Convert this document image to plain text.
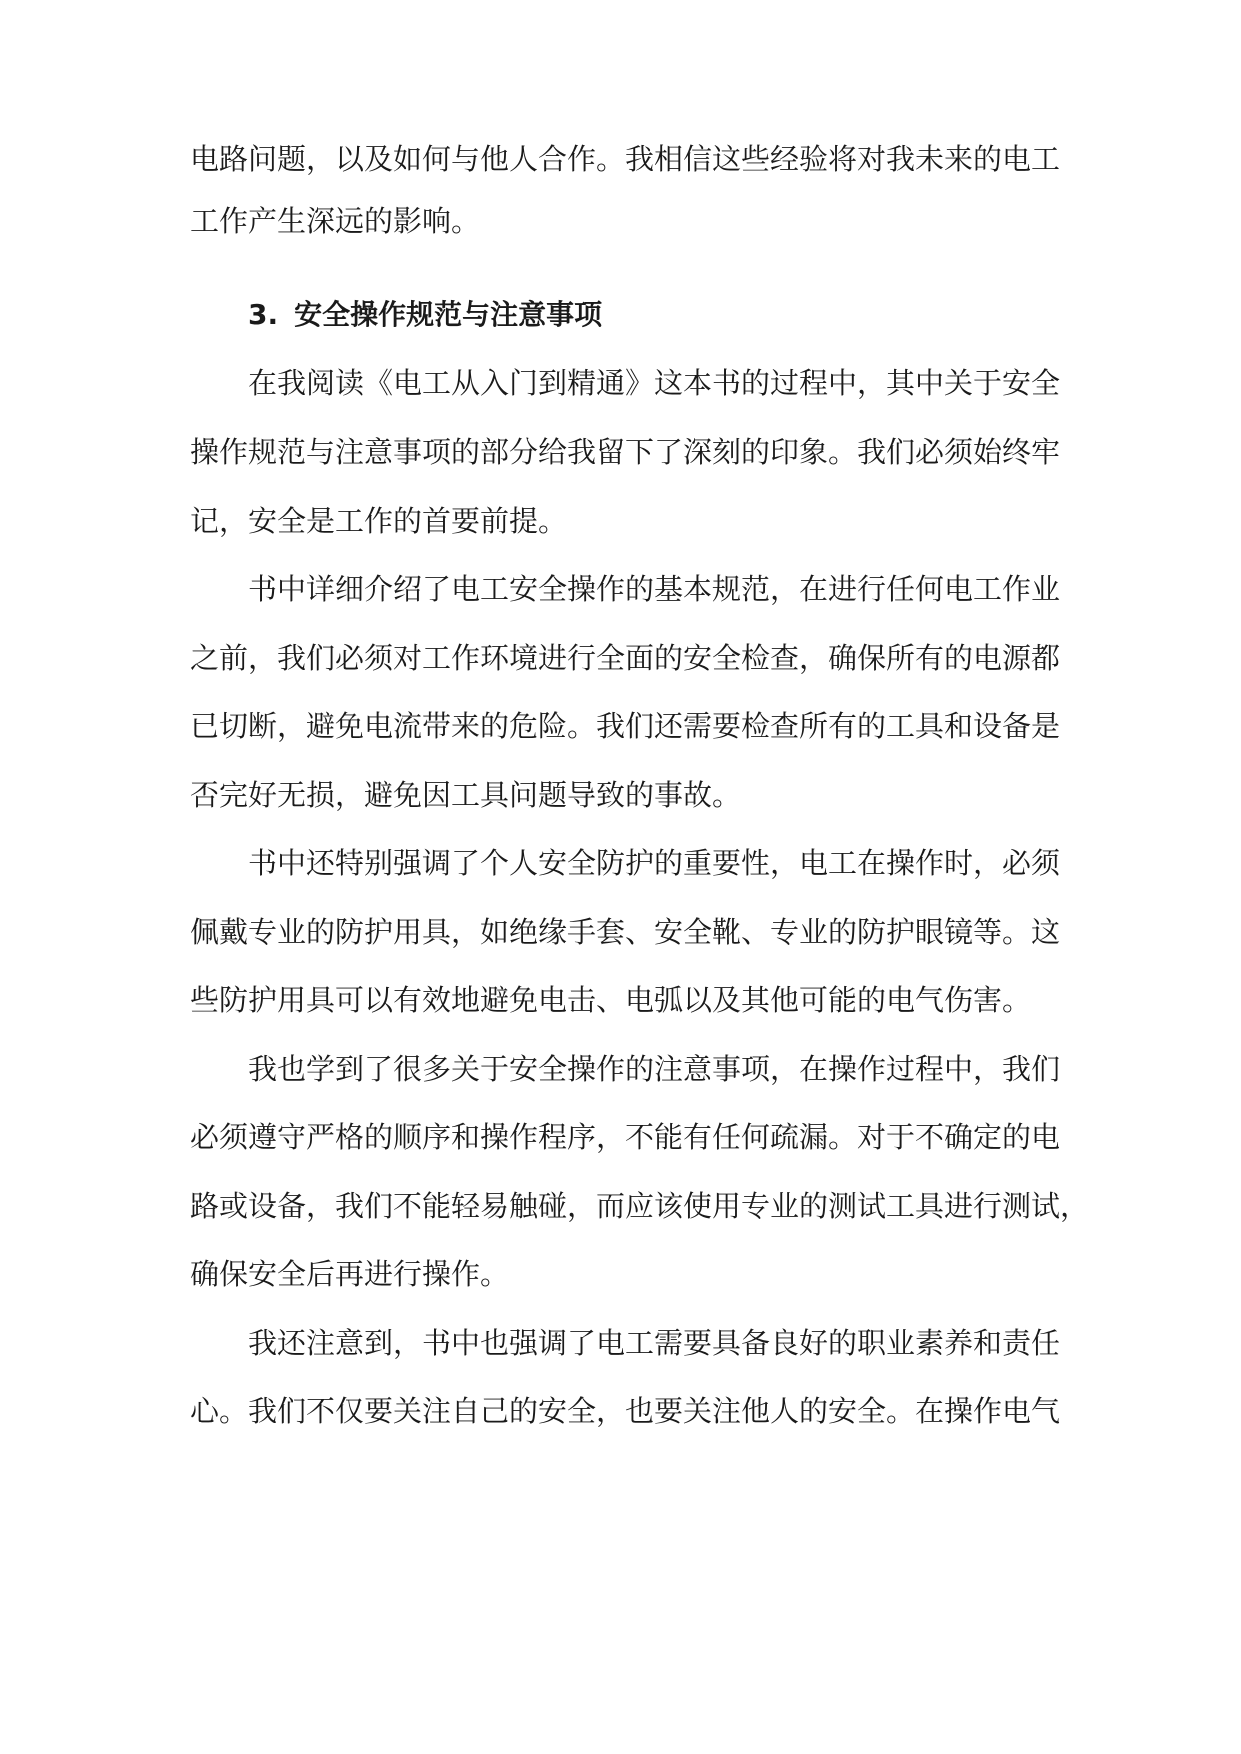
电路问题，以及如何与他人合作。我相信这些经验将对我未来的电工
工作产生深远的影响。
3. 安全操作规范与注意事项
在我阅读《电工从入门到精通》这本书的过程中，其中关于安全
操作规范与注意事项的部分给我留下了深刻的印象。我们必须始终牢
记，安全是工作的首要前提。
书中详细介绍了电工安全操作的基本规范，在进行任何电工作业
之前，我们必须对工作环境进行全面的安全检查，确保所有的电源都
已切断，避免电流带来的危险。我们还需要检查所有的工具和设备是
否完好无损，避免因工具问题导致的事故。
书中还特别强调了个人安全防护的重要性，电工在操作时，必须
佩戴专业的防护用具，如绝缘手套、安全靴、专业的防护眼镜等。这
些防护用具可以有效地避免电击、电弧以及其他可能的电气伤害。
我也学到了很多关于安全操作的注意事项，在操作过程中，我们
必须遵守严格的顺序和操作程序，不能有任何疏漏。对于不确定的电
路或设备，我们不能轻易触碰，而应该使用专业的测试工具进行测试，
确保安全后再进行操作。
我还注意到，书中也强调了电工需要具备良好的职业素养和责任
心。我们不仅要关注自己的安全，也要关注他人的安全。在操作电气
